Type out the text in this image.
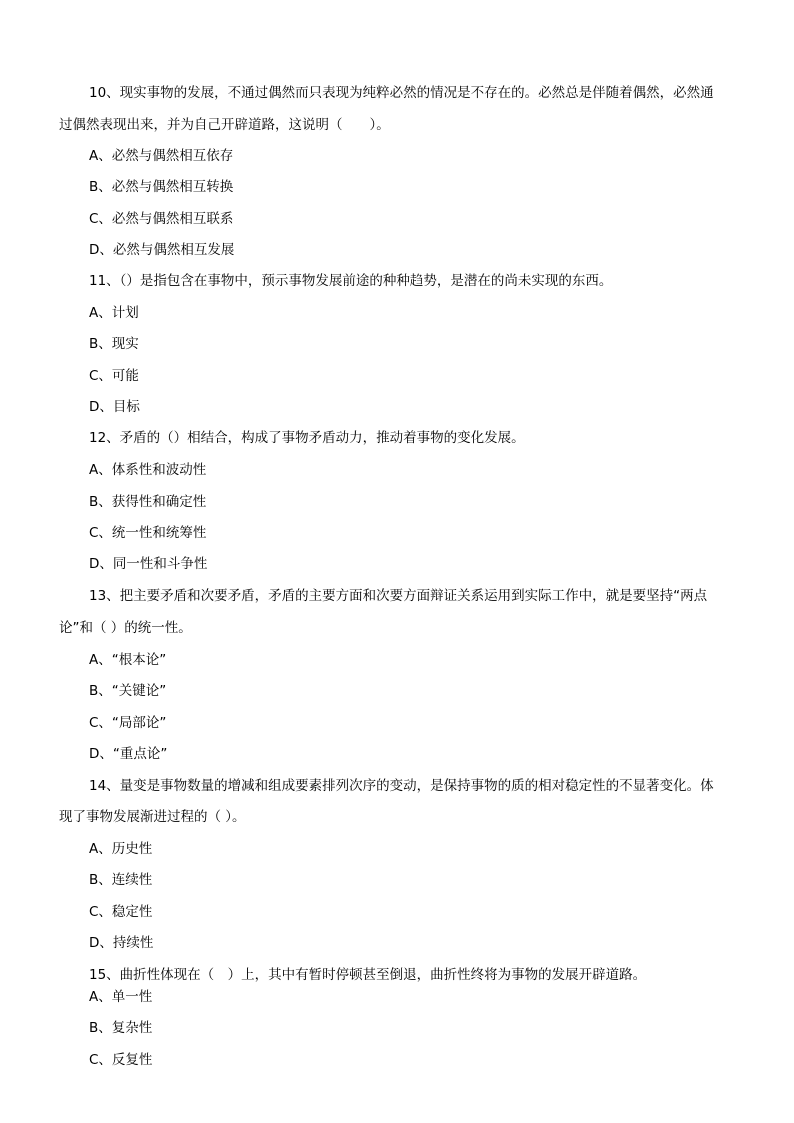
10、现实事物的发展，不通过偶然而只表现为纯粹必然的情况是不存在的。必然总是伴随着偶然，必然通
过偶然表现出来，并为自己开辟道路，这说明（　　）。
A、必然与偶然相互依存
B、必然与偶然相互转换
C、必然与偶然相互联系
D、必然与偶然相互发展
11、（）是指包含在事物中，预示事物发展前途的种种趋势，是潜在的尚未实现的东西。
A、计划
B、现实
C、可能
D、目标
12、矛盾的（）相结合，构成了事物矛盾动力，推动着事物的变化发展。
A、体系性和波动性
B、获得性和确定性
C、统一性和统筹性
D、同一性和斗争性
13、把主要矛盾和次要矛盾，矛盾的主要方面和次要方面辩证关系运用到实际工作中，就是要坚持“两点
论”和（ ）的统一性。
A、“根本论”
B、“关键论”
C、“局部论”
D、“重点论”
14、量变是事物数量的增减和组成要素排列次序的变动，是保持事物的质的相对稳定性的不显著变化。体
现了事物发展渐进过程的（ ）。
A、历史性
B、连续性
C、稳定性
D、持续性
15、曲折性体现在（　）上，其中有暂时停顿甚至倒退，曲折性终将为事物的发展开辟道路。
A、单一性
B、复杂性
C、反复性
